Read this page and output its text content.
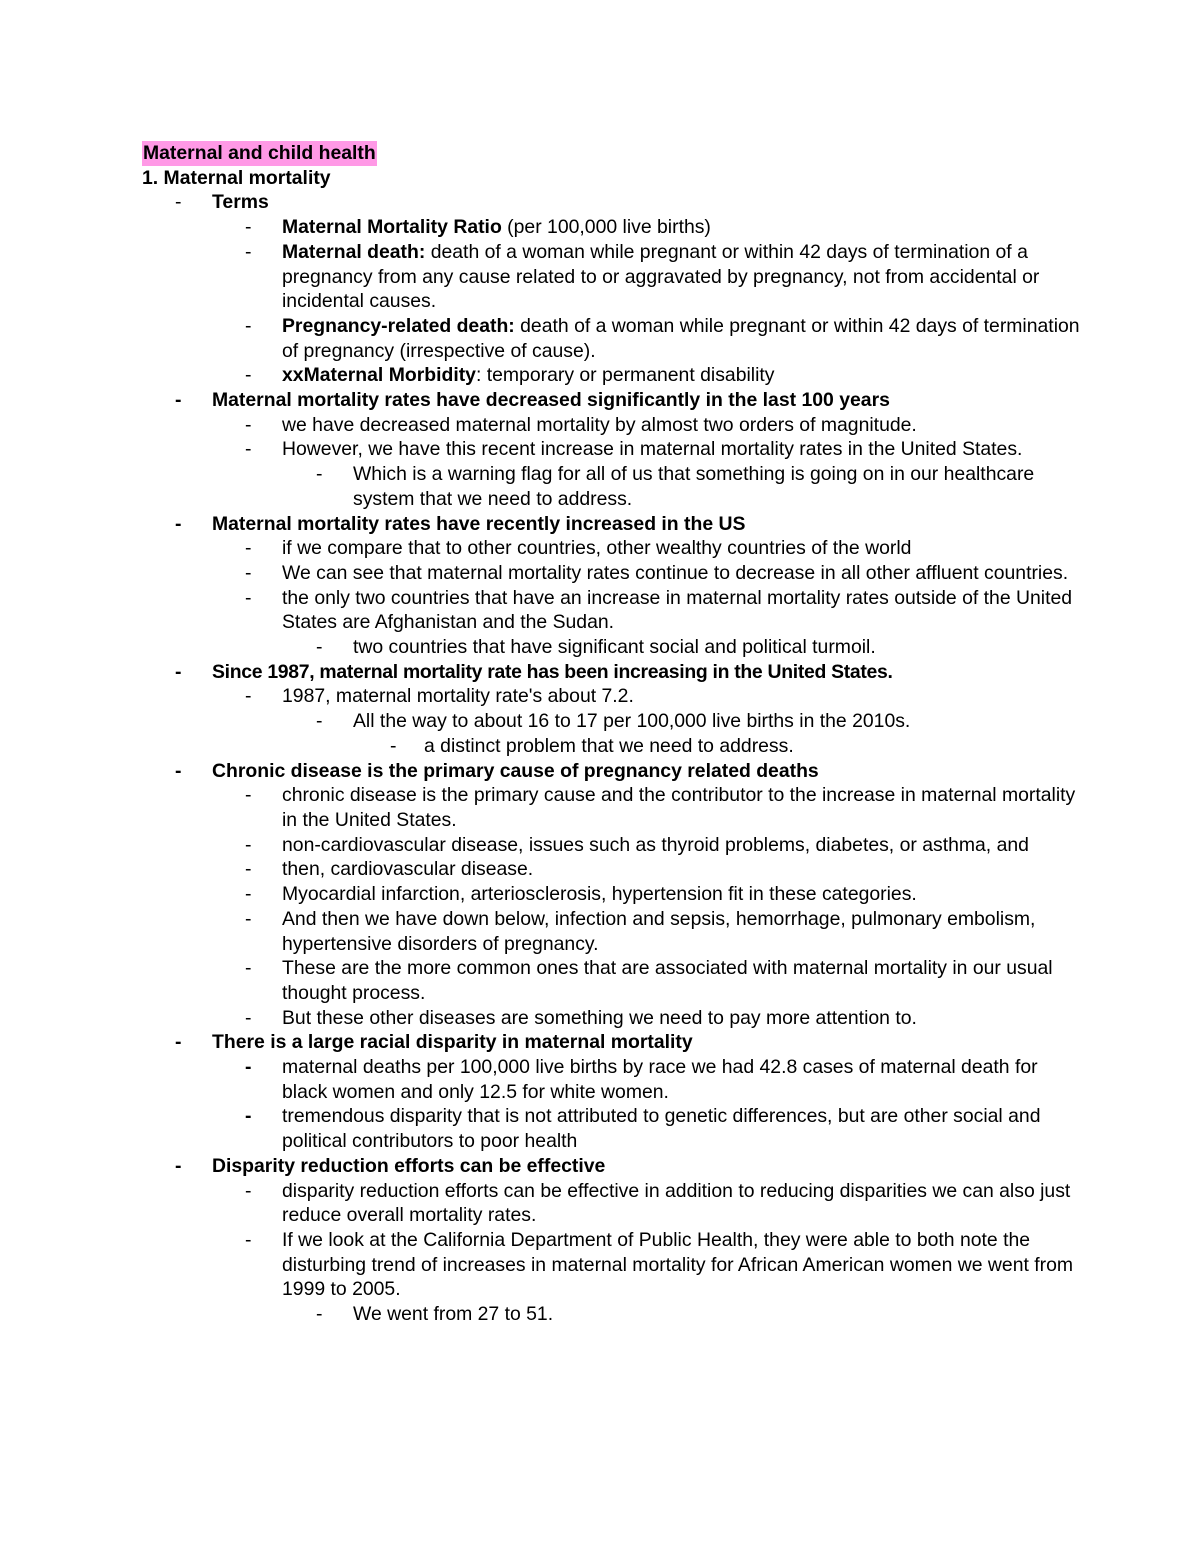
Maternal and child health
1. Maternal mortality
-	Terms
-	Maternal Mortality Ratio (per 100,000 live births)
-	Maternal death: death of a woman while pregnant or within 42 days of termination of a pregnancy from any cause related to or aggravated by pregnancy, not from accidental or incidental causes.
-	Pregnancy-related death: death of a woman while pregnant or within 42 days of termination of pregnancy (irrespective of cause).
-	xxMaternal Morbidity: temporary or permanent disability
-	Maternal mortality rates have decreased significantly in the last 100 years
-	we have decreased maternal mortality by almost two orders of magnitude.
-	However, we have this recent increase in maternal mortality rates in the United States.
-	Which is a warning flag for all of us that something is going on in our healthcare system that we need to address.
-	Maternal mortality rates have recently increased in the US
-	if we compare that to other countries, other wealthy countries of the world
-	We can see that maternal mortality rates continue to decrease in all other affluent countries.
-	the only two countries that have an increase in maternal mortality rates outside of the United States are Afghanistan and the Sudan.
-	two countries that have significant social and political turmoil.
-	Since 1987, maternal mortality rate has been increasing in the United States.
-	1987, maternal mortality rate's about 7.2.
-	All the way to about 16 to 17 per 100,000 live births in the 2010s.
-	a distinct problem that we need to address.
-	Chronic disease is the primary cause of pregnancy related deaths
-	chronic disease is the primary cause and the contributor to the increase in maternal mortality in the United States.
-	non-cardiovascular disease, issues such as thyroid problems, diabetes, or asthma, and
-	then, cardiovascular disease.
-	Myocardial infarction, arteriosclerosis, hypertension fit in these categories.
-	And then we have down below, infection and sepsis, hemorrhage, pulmonary embolism, hypertensive disorders of pregnancy.
-	These are the more common ones that are associated with maternal mortality in our usual thought process.
-	But these other diseases are something we need to pay more attention to.
-	There is a large racial disparity in maternal mortality
-	maternal deaths per 100,000 live births by race we had 42.8 cases of maternal death for black women and only 12.5 for white women.
-	tremendous disparity that is not attributed to genetic differences, but are other social and political contributors to poor health
-	Disparity reduction efforts can be effective
-	disparity reduction efforts can be effective in addition to reducing disparities we can also just reduce overall mortality rates.
-	If we look at the California Department of Public Health, they were able to both note the disturbing trend of increases in maternal mortality for African American women we went from 1999 to 2005.
-	We went from 27 to 51.
